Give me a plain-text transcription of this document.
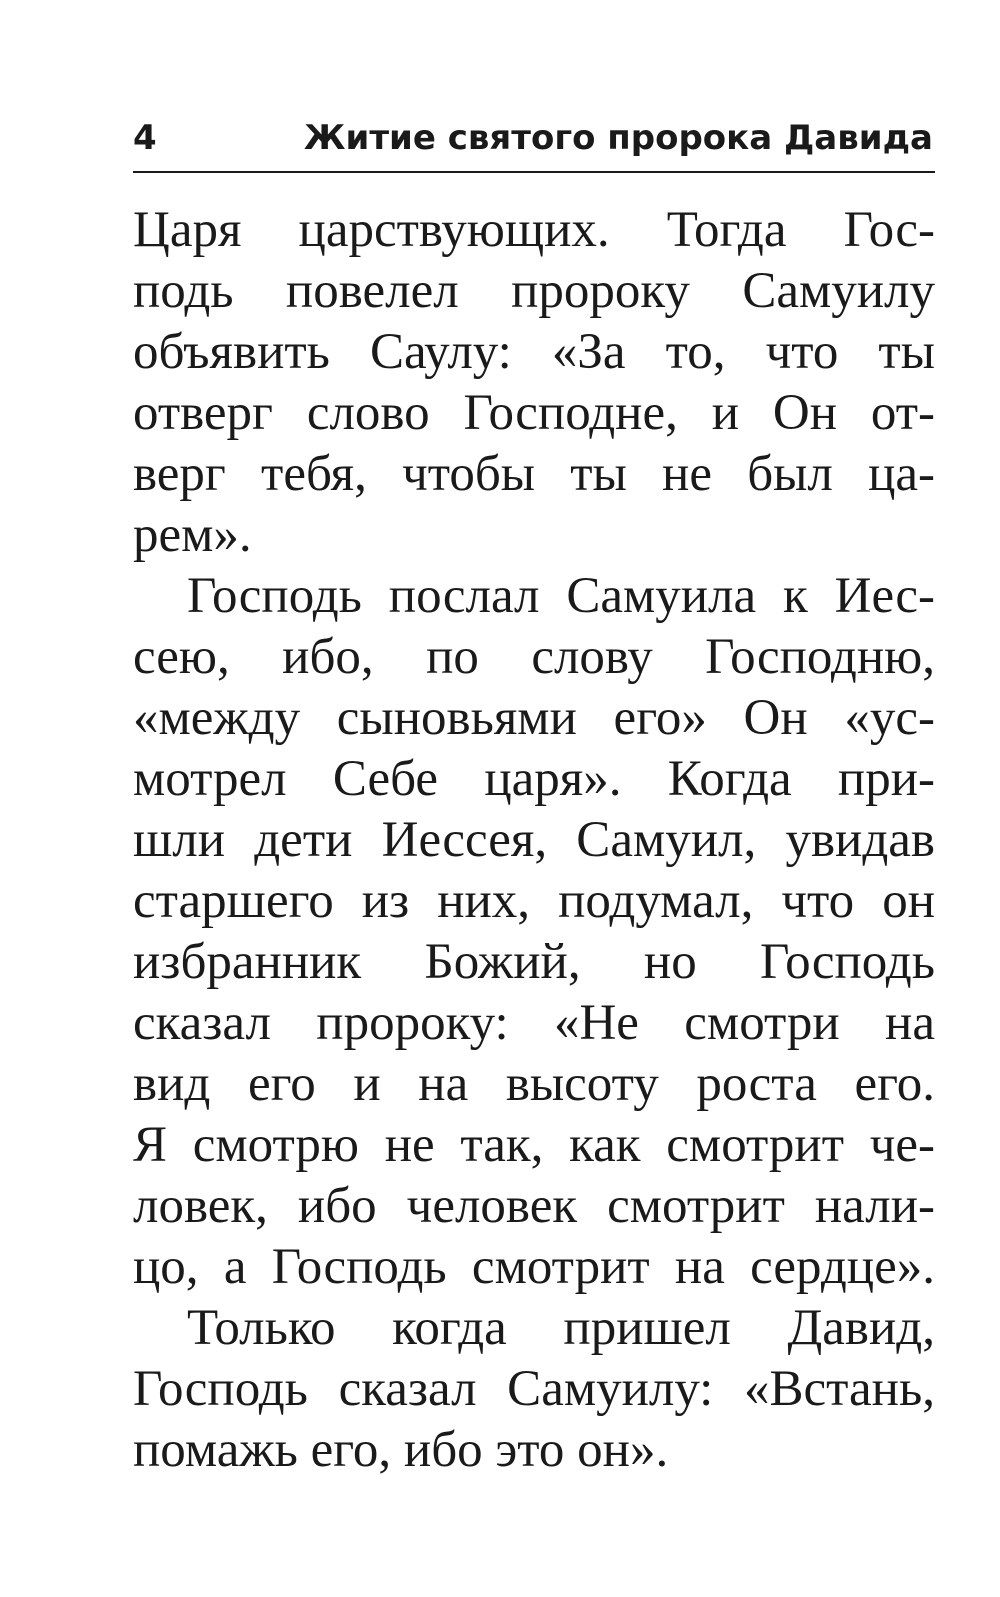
4	Житие святого пророка Давида
Царя царствующих. Тогда Гос-
подь повелел пророку Самуилу
объявить Саулу: «За то, что ты
отверг слово Господне, и Он от-
верг тебя, чтобы ты не был ца-
рем».
Господь послал Самуила к Иес-
сею, ибо, по слову Господню,
«между сыновьями его» Он «ус-
мотрел Себе царя». Когда при-
шли дети Иессея, Самуил, увидав
старшего из них, подумал, что он
избранник Божий, но Господь
сказал пророку: «Не смотри на
вид его и на высоту роста его.
Я смотрю не так, как смотрит че-
ловек, ибо человек смотрит нали-
цо, а Господь смотрит на сердце».
Только когда пришел Давид,
Господь сказал Самуилу: «Встань,
помажь его, ибо это он».
